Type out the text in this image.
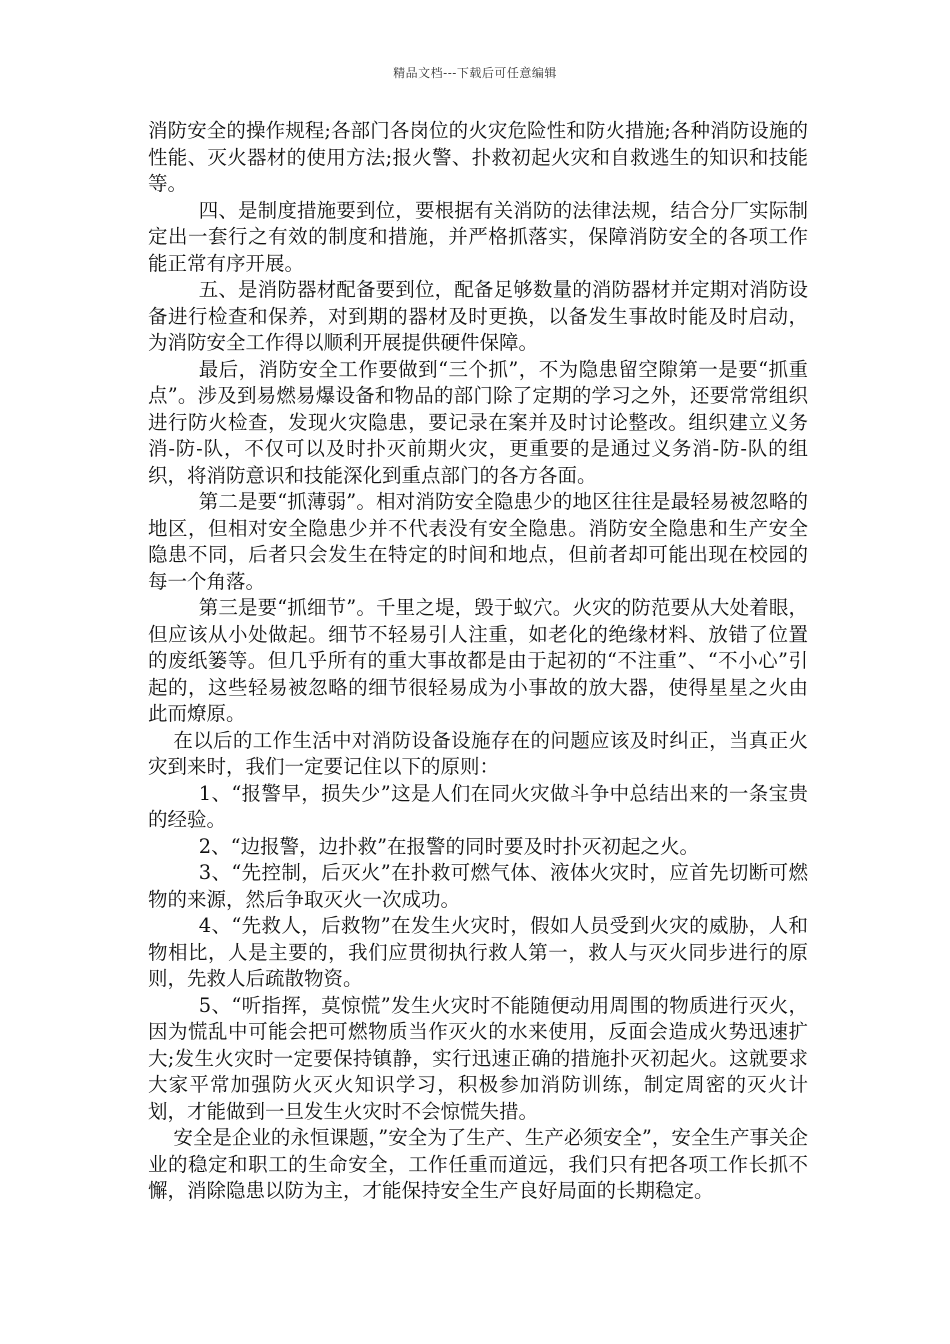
精品文档---下载后可任意编辑

消防安全的操作规程;各部门各岗位的火灾危险性和防火措施;各种消防设施的性能、灭火器材的使用方法;报火警、扑救初起火灾和自救逃生的知识和技能等。

四、是制度措施要到位，要根据有关消防的法律法规，结合分厂实际制定出一套行之有效的制度和措施，并严格抓落实，保障消防安全的各项工作能正常有序开展。

五、是消防器材配备要到位，配备足够数量的消防器材并定期对消防设备进行检查和保养，对到期的器材及时更换，以备发生事故时能及时启动，为消防安全工作得以顺利开展提供硬件保障。

最后，消防安全工作要做到“三个抓”，不为隐患留空隙第一是要“抓重点”。涉及到易燃易爆设备和物品的部门除了定期的学习之外，还要常常组织进行防火检查，发现火灾隐患，要记录在案并及时讨论整改。组织建立义务消-防-队，不仅可以及时扑灭前期火灾，更重要的是通过义务消-防-队的组织，将消防意识和技能深化到重点部门的各方各面。

第二是要“抓薄弱”。相对消防安全隐患少的地区往往是最轻易被忽略的地区，但相对安全隐患少并不代表没有安全隐患。消防安全隐患和生产安全隐患不同，后者只会发生在特定的时间和地点，但前者却可能出现在校园的每一个角落。

第三是要“抓细节”。千里之堤，毁于蚁穴。火灾的防范要从大处着眼，但应该从小处做起。细节不轻易引人注重，如老化的绝缘材料、放错了位置的废纸篓等。但几乎所有的重大事故都是由于起初的“不注重”、“不小心”引起的，这些轻易被忽略的细节很轻易成为小事故的放大器，使得星星之火由此而燎原。

在以后的工作生活中对消防设备设施存在的问题应该及时纠正，当真正火灾到来时，我们一定要记住以下的原则：

1、“报警早，损失少”这是人们在同火灾做斗争中总结出来的一条宝贵的经验。

2、“边报警，边扑救”在报警的同时要及时扑灭初起之火。

3、“先控制，后灭火”在扑救可燃气体、液体火灾时，应首先切断可燃物的来源，然后争取灭火一次成功。

4、“先救人，后救物”在发生火灾时，假如人员受到火灾的威胁，人和物相比，人是主要的，我们应贯彻执行救人第一，救人与灭火同步进行的原则，先救人后疏散物资。

5、“听指挥，莫惊慌”发生火灾时不能随便动用周围的物质进行灭火，因为慌乱中可能会把可燃物质当作灭火的水来使用，反面会造成火势迅速扩大;发生火灾时一定要保持镇静，实行迅速正确的措施扑灭初起火。这就要求大家平常加强防火灭火知识学习，积极参加消防训练，制定周密的灭火计划，才能做到一旦发生火灾时不会惊慌失措。

安全是企业的永恒课题，”安全为了生产、生产必须安全”，安全生产事关企业的稳定和职工的生命安全，工作任重而道远，我们只有把各项工作长抓不懈，消除隐患以防为主，才能保持安全生产良好局面的长期稳定。
